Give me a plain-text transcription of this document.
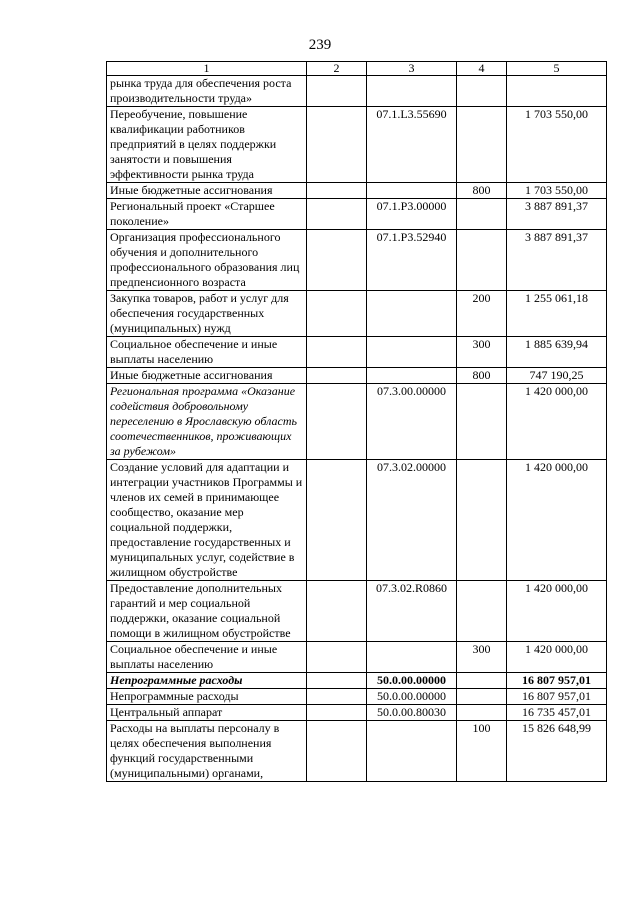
239
1	2	3	4	5
рынка труда для обеспечения роста производительности труда»				
Переобучение, повышение квалификации работников предприятий в целях поддержки занятости и повышения эффективности рынка труда		07.1.L3.55690		1 703 550,00
Иные бюджетные ассигнования			800	1 703 550,00
Региональный проект «Старшее поколение»		07.1.P3.00000		3 887 891,37
Организация профессионального обучения и дополнительного профессионального образования лиц предпенсионного возраста		07.1.P3.52940		3 887 891,37
Закупка товаров, работ и услуг для обеспечения государственных (муниципальных) нужд			200	1 255 061,18
Социальное обеспечение и иные выплаты населению			300	1 885 639,94
Иные бюджетные ассигнования			800	747 190,25
Региональная программа «Оказание содействия добровольному переселению в Ярославскую область соотечественников, проживающих за рубежом»		07.3.00.00000		1 420 000,00
Создание условий для адаптации и интеграции участников Программы и членов их семей в принимающее сообщество, оказание мер социальной поддержки, предоставление государственных и муниципальных услуг, содействие в жилищном обустройстве		07.3.02.00000		1 420 000,00
Предоставление дополнительных гарантий и мер социальной поддержки, оказание социальной помощи в жилищном обустройстве		07.3.02.R0860		1 420 000,00
Социальное обеспечение и иные выплаты населению			300	1 420 000,00
Непрограммные расходы		50.0.00.00000		16 807 957,01
Непрограммные расходы		50.0.00.00000		16 807 957,01
Центральный аппарат		50.0.00.80030		16 735 457,01
Расходы на выплаты персоналу в целях обеспечения выполнения функций государственными (муниципальными) органами,			100	15 826 648,99
